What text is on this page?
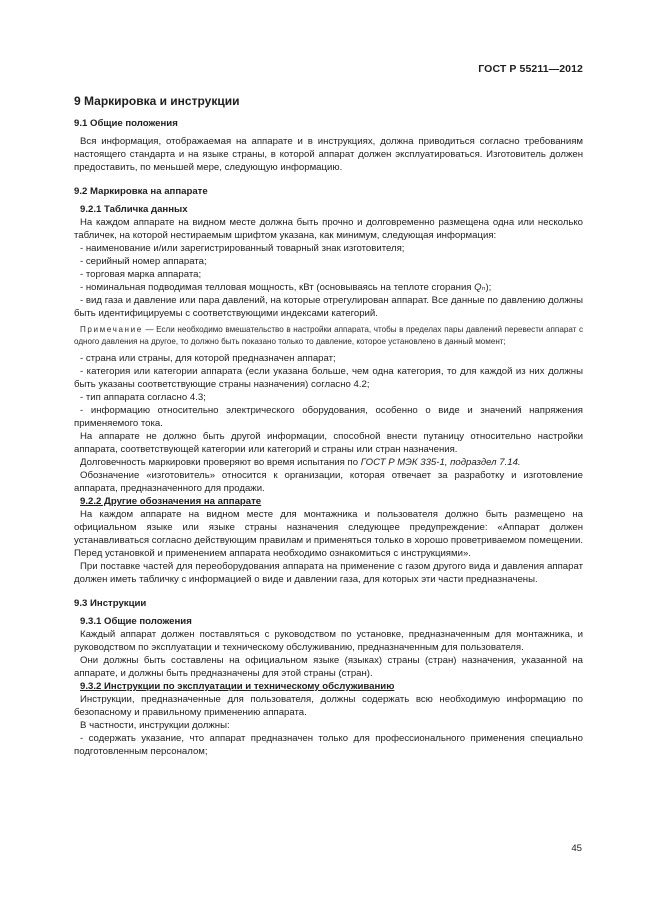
ГОСТ Р 55211—2012
9 Маркировка и инструкции
9.1 Общие положения

Вся информация, отображаемая на аппарате и в инструкциях, должна приводиться согласно требованиям настоящего стандарта и на языке страны, в которой аппарат должен эксплуатироваться. Изготовитель должен предоставить, по меньшей мере, следующую информацию.

9.2 Маркировка на аппарате
9.2.1 Табличка данных

На каждом аппарате на видном месте должна быть прочно и долговременно размещена одна или несколько табличек, на которой нестираемым шрифтом указана, как минимум, следующая информация:

- наименование и/или зарегистрированный товарный знак изготовителя;

- серийный номер аппарата;

- торговая марка аппарата;

- номинальная подводимая телловая мощность, кВт (основываясь на теплоте сгорания Qₙ);

- вид газа и давление или пара давлений, на которые отрегулирован аппарат. Все данные по давлению должны быть идентифицируемы с соответствующими индексами категорий.

Примечание — Если необходимо вмешательство в настройки аппарата, чтобы в пределах пары давлений перевести аппарат с одного давления на другое, то должно быть показано только то давление, которое установлено в данный момент;

- страна или страны, для которой предназначен аппарат;

- категория или категории аппарата (если указана больше, чем одна категория, то для каждой из них должны быть указаны соответствующие страны назначения) согласно 4.2;

- тип аппарата согласно 4.3;

- информацию относительно электрического оборудования, особенно о виде и значений напряжения применяемого тока.

На аппарате не должно быть другой информации, способной внести путаницу относительно настройки аппарата, соответствующей категории или категорий и страны или стран назначения.

Долговечность маркировки проверяют во время испытания по ГОСТ Р МЭК 335-1, подраздел 7.14.

Обозначение «изготовитель» относится к организации, которая отвечает за разработку и изготовление аппарата, предназначенного для продажи.

9.2.2 Другие обозначения на аппарате

На каждом аппарате на видном месте для монтажника и пользователя должно быть размещено на официальном языке или языке страны назначения следующее предупреждение: «Аппарат должен устанавливаться согласно действующим правилам и применяться только в хорошо проветриваемом помещении. Перед установкой и применением аппарата необходимо ознакомиться с инструкциями».

При поставке частей для переоборудования аппарата на применение с газом другого вида и давления аппарат должен иметь табличку с информацией о виде и давлении газа, для которых эти части предназначены.

9.3 Инструкции
9.3.1 Общие положения

Каждый аппарат должен поставляться с руководством по установке, предназначенным для монтажника, и руководством по эксплуатации и техническому обслуживанию, предназначенным для пользователя.

Они должны быть составлены на официальном языке (языках) страны (стран) назначения, указанной на аппарате, и должны быть предназначены для этой страны (стран).

9.3.2 Инструкции по эксплуатации и техническому обслуживанию

Инструкции, предназначенные для пользователя, должны содержать всю необходимую информацию по безопасному и правильному применению аппарата.

В частности, инструкции должны:

- содержать указание, что аппарат предназначен только для профессионального применения специально подготовленным персоналом;

45
